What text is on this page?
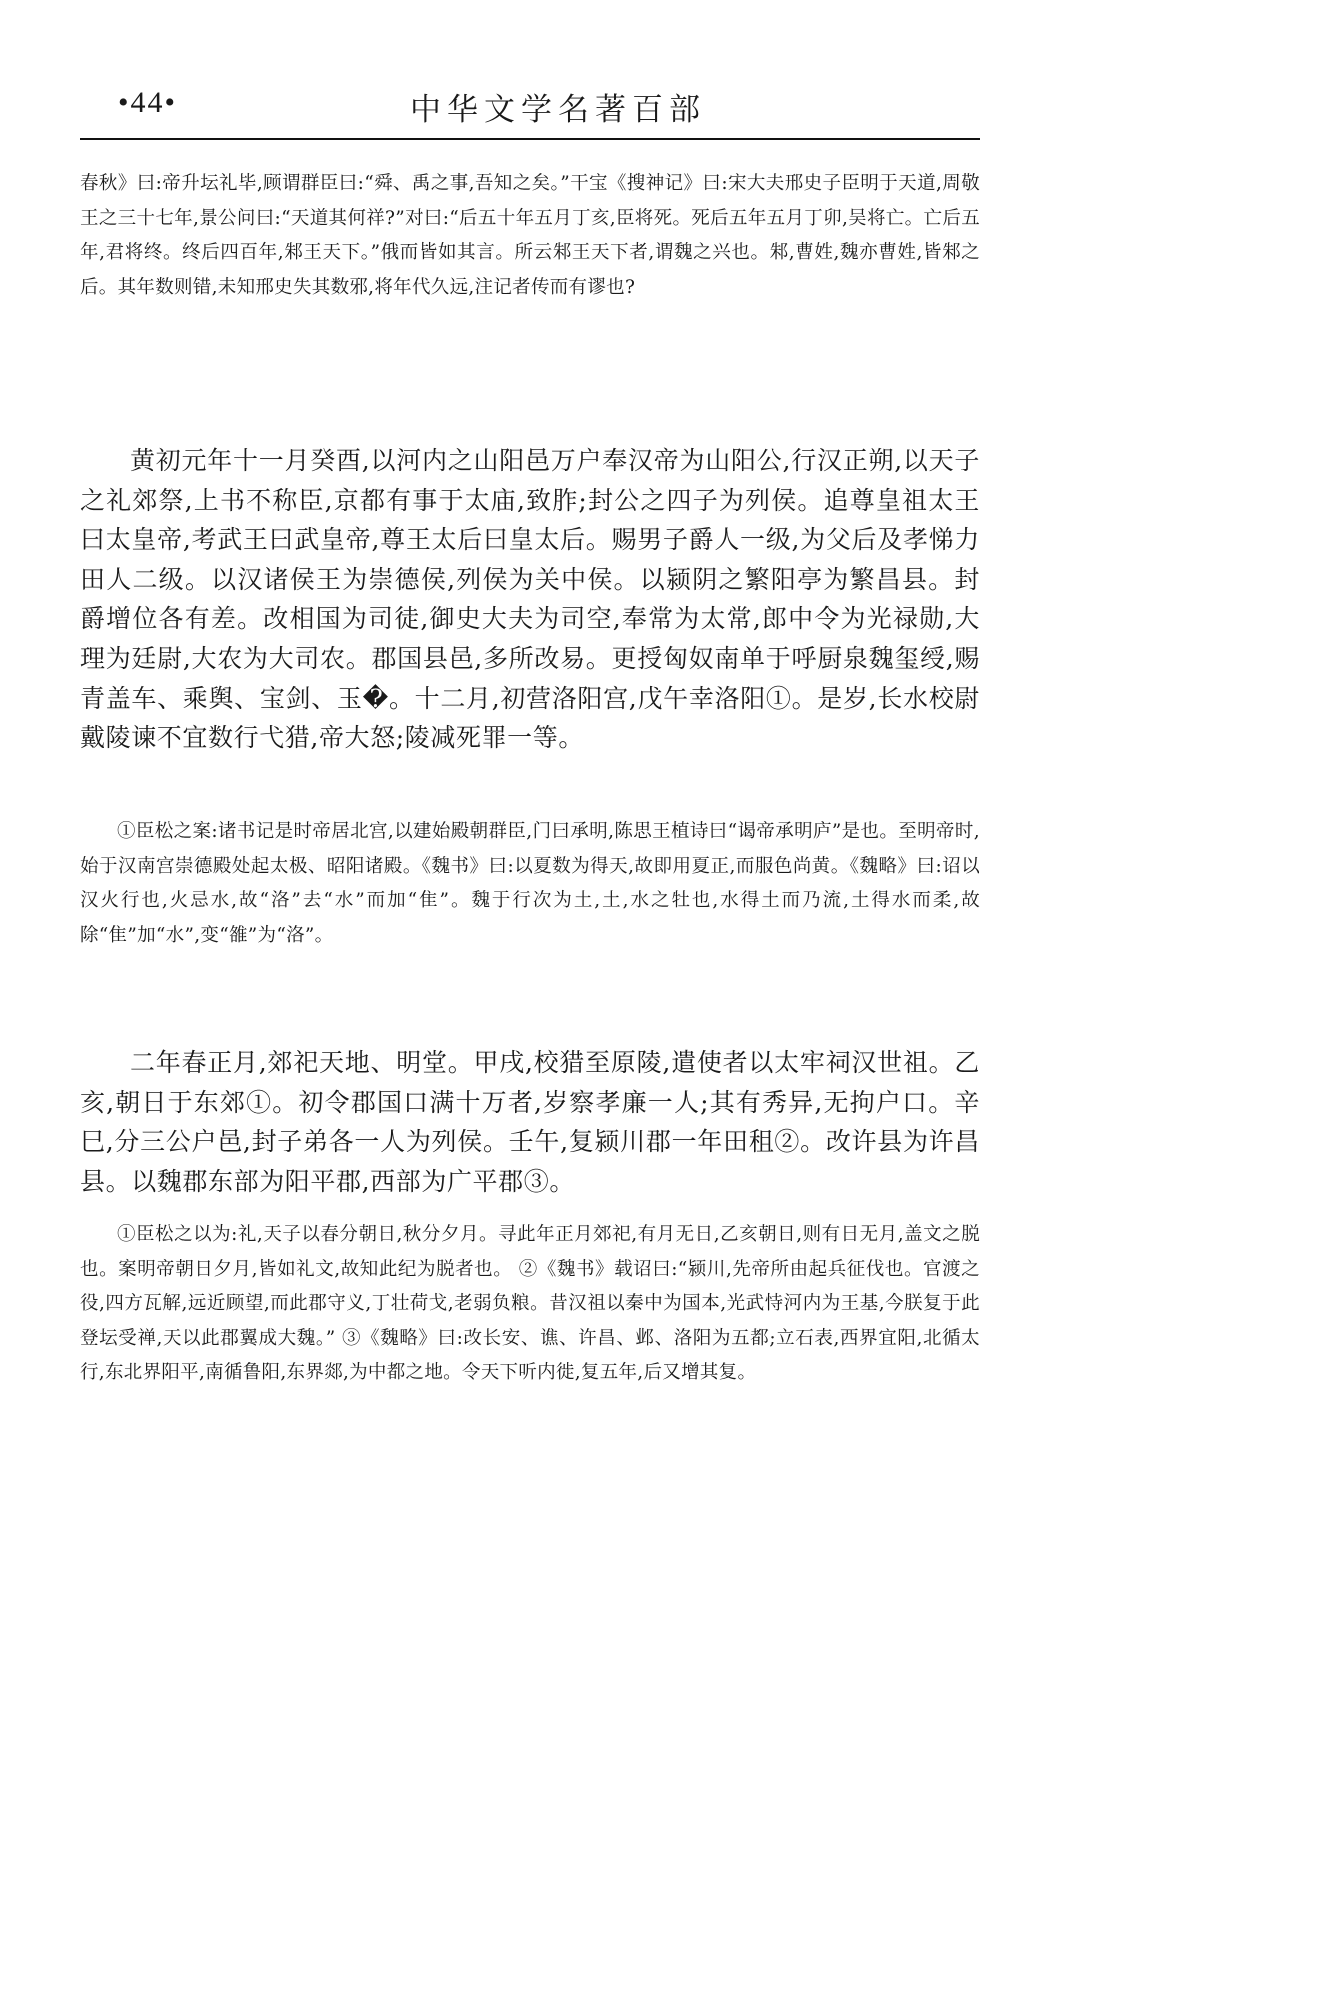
•44•	中华文学名著百部

春秋》曰:帝升坛礼毕,顾谓群臣曰:“舜、禹之事,吾知之矣。”干宝《搜神记》曰:宋大夫邢史子臣明于天道,周敬王之三十七年,景公问曰:“天道其何祥?”对曰:“后五十年五月丁亥,臣将死。死后五年五月丁卯,吴将亡。亡后五年,君将终。终后四百年,邾王天下。”俄而皆如其言。所云邾王天下者,谓魏之兴也。邾,曹姓,魏亦曹姓,皆邾之后。其年数则错,未知邢史失其数邪,将年代久远,注记者传而有谬也?

黄初元年十一月癸酉,以河内之山阳邑万户奉汉帝为山阳公,行汉正朔,以天子之礼郊祭,上书不称臣,京都有事于太庙,致胙;封公之四子为列侯。追尊皇祖太王曰太皇帝,考武王曰武皇帝,尊王太后曰皇太后。赐男子爵人一级,为父后及孝悌力田人二级。以汉诸侯王为崇德侯,列侯为关中侯。以颍阴之繁阳亭为繁昌县。封爵增位各有差。改相国为司徒,御史大夫为司空,奉常为太常,郎中令为光禄勋,大理为廷尉,大农为大司农。郡国县邑,多所改易。更授匈奴南单于呼厨泉魏玺绶,赐青盖车、乘舆、宝剑、玉�。十二月,初营洛阳宫,戊午幸洛阳①。是岁,长水校尉戴陵谏不宜数行弋猎,帝大怒;陵减死罪一等。

①臣松之案:诸书记是时帝居北宫,以建始殿朝群臣,门曰承明,陈思王植诗曰“谒帝承明庐”是也。至明帝时,始于汉南宫崇德殿处起太极、昭阳诸殿。《魏书》曰:以夏数为得天,故即用夏正,而服色尚黄。《魏略》曰:诏以汉火行也,火忌水,故“洛”去“水”而加“隹”。魏于行次为土,土,水之牡也,水得土而乃流,土得水而柔,故除“隹”加“水”,变“雒”为“洛”。

二年春正月,郊祀天地、明堂。甲戌,校猎至原陵,遣使者以太牢祠汉世祖。乙亥,朝日于东郊①。初令郡国口满十万者,岁察孝廉一人;其有秀异,无拘户口。辛巳,分三公户邑,封子弟各一人为列侯。壬午,复颍川郡一年田租②。改许县为许昌县。以魏郡东部为阳平郡,西部为广平郡③。

①臣松之以为:礼,天子以春分朝日,秋分夕月。寻此年正月郊祀,有月无日,乙亥朝日,则有日无月,盖文之脱也。案明帝朝日夕月,皆如礼文,故知此纪为脱者也。 ②《魏书》载诏曰:“颍川,先帝所由起兵征伐也。官渡之役,四方瓦解,远近顾望,而此郡守义,丁壮荷戈,老弱负粮。昔汉祖以秦中为国本,光武恃河内为王基,今朕复于此登坛受禅,天以此郡翼成大魏。” ③《魏略》曰:改长安、谯、许昌、邺、洛阳为五都;立石表,西界宜阳,北循太行,东北界阳平,南循鲁阳,东界郯,为中都之地。令天下听内徙,复五年,后又增其复。
